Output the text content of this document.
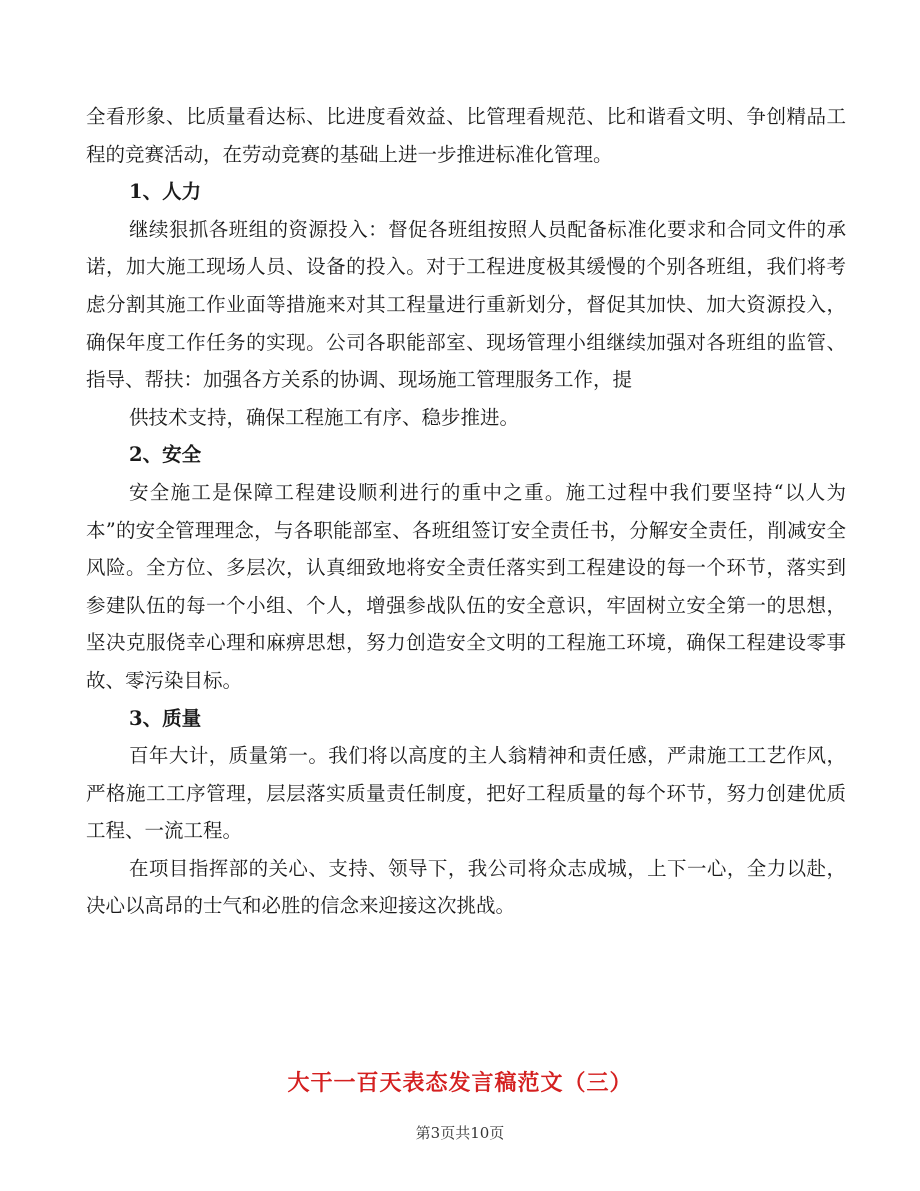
全看形象、比质量看达标、比进度看效益、比管理看规范、比和谐看文明、争创精品工程的竞赛活动，在劳动竞赛的基础上进一步推进标准化管理。

1、人力

继续狠抓各班组的资源投入：督促各班组按照人员配备标准化要求和合同文件的承诺，加大施工现场人员、设备的投入。对于工程进度极其缓慢的个别各班组，我们将考虑分割其施工作业面等措施来对其工程量进行重新划分，督促其加快、加大资源投入，确保年度工作任务的实现。公司各职能部室、现场管理小组继续加强对各班组的监管、指导、帮扶：加强各方关系的协调、现场施工管理服务工作，提

供技术支持，确保工程施工有序、稳步推进。

2、安全

安全施工是保障工程建设顺利进行的重中之重。施工过程中我们要坚持“以人为本”的安全管理理念，与各职能部室、各班组签订安全责任书，分解安全责任，削减安全风险。全方位、多层次，认真细致地将安全责任落实到工程建设的每一个环节，落实到参建队伍的每一个小组、个人，增强参战队伍的安全意识，牢固树立安全第一的思想，坚决克服侥幸心理和麻痹思想，努力创造安全文明的工程施工环境，确保工程建设零事故、零污染目标。

3、质量

百年大计，质量第一。我们将以高度的主人翁精神和责任感，严肃施工工艺作风，严格施工工序管理，层层落实质量责任制度，把好工程质量的每个环节，努力创建优质工程、一流工程。

在项目指挥部的关心、支持、领导下，我公司将众志成城，上下一心，全力以赴，决心以高昂的士气和必胜的信念来迎接这次挑战。

大干一百天表态发言稿范文（三）
第3页共10页
